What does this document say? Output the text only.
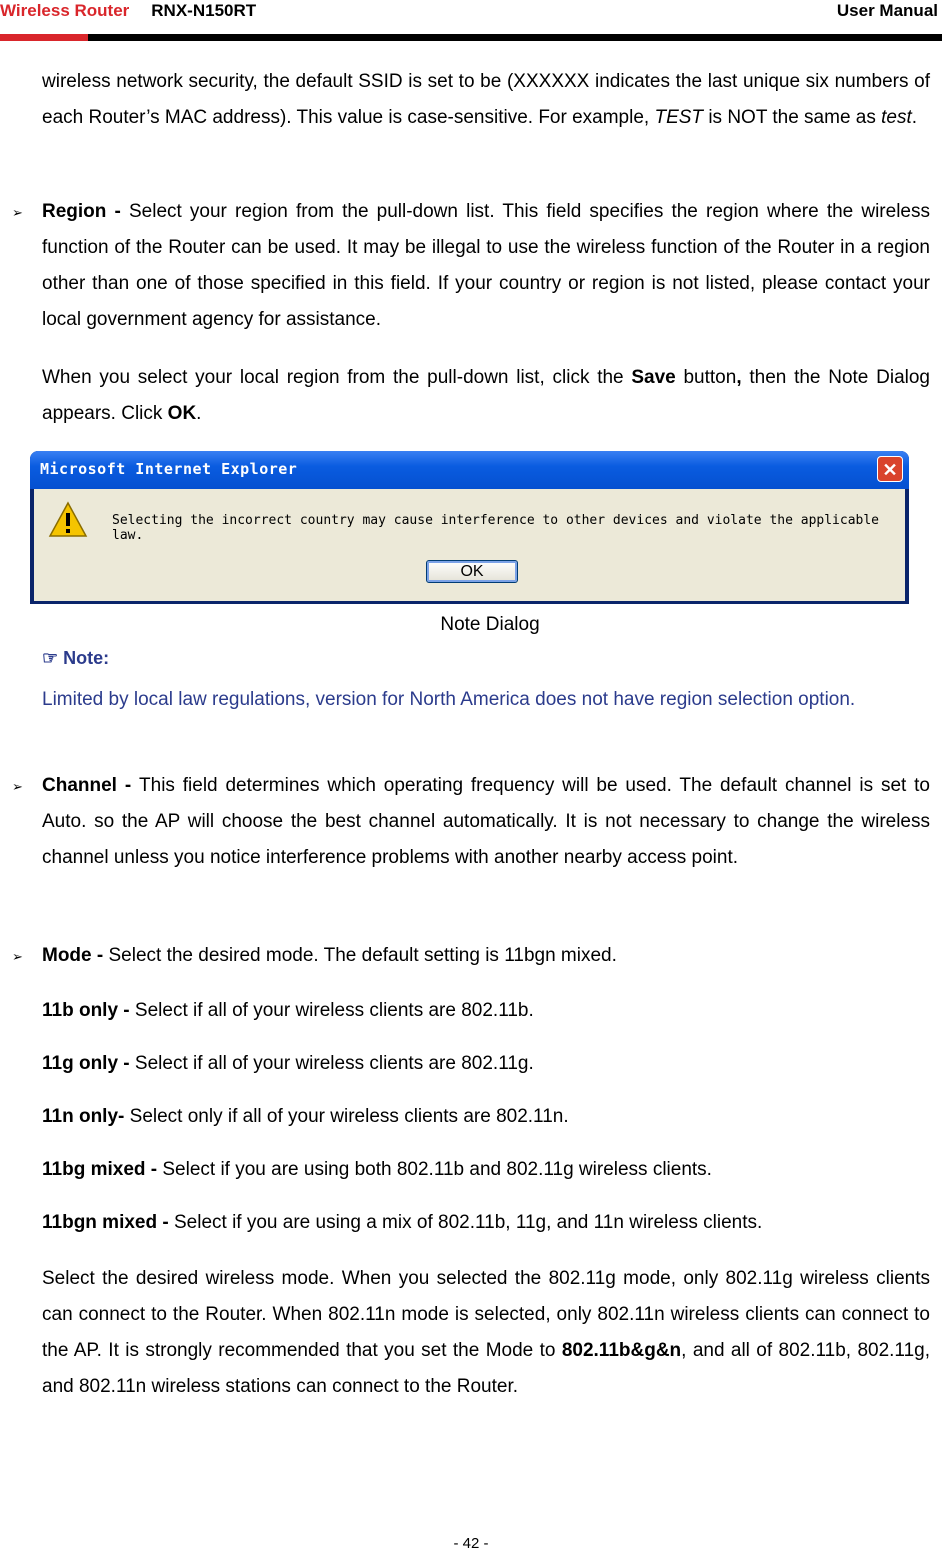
Wireless Router RNX-N150RT	User Manual
wireless network security, the default SSID is set to be (XXXXXX indicates the last unique six numbers of each Router’s MAC address). This value is case-sensitive. For example, TEST is NOT the same as test.
➢ Region - Select your region from the pull-down list. This field specifies the region where the wireless function of the Router can be used. It may be illegal to use the wireless function of the Router in a region other than one of those specified in this field. If your country or region is not listed, please contact your local government agency for assistance.
When you select your local region from the pull-down list, click the Save button, then the Note Dialog appears. Click OK.
Microsoft Internet Explorer	✕
Selecting the incorrect country may cause interference to other devices and violate the applicable law.
OK
Note Dialog
☞ Note:
Limited by local law regulations, version for North America does not have region selection option.
➢ Channel - This field determines which operating frequency will be used. The default channel is set to Auto. so the AP will choose the best channel automatically. It is not necessary to change the wireless channel unless you notice interference problems with another nearby access point.
➢ Mode - Select the desired mode. The default setting is 11bgn mixed.
11b only - Select if all of your wireless clients are 802.11b.
11g only - Select if all of your wireless clients are 802.11g.
11n only- Select only if all of your wireless clients are 802.11n.
11bg mixed - Select if you are using both 802.11b and 802.11g wireless clients.
11bgn mixed - Select if you are using a mix of 802.11b, 11g, and 11n wireless clients.
Select the desired wireless mode. When you selected the 802.11g mode, only 802.11g wireless clients can connect to the Router. When 802.11n mode is selected, only 802.11n wireless clients can connect to the AP. It is strongly recommended that you set the Mode to 802.11b&g&n, and all of 802.11b, 802.11g, and 802.11n wireless stations can connect to the Router.
- 42 -
